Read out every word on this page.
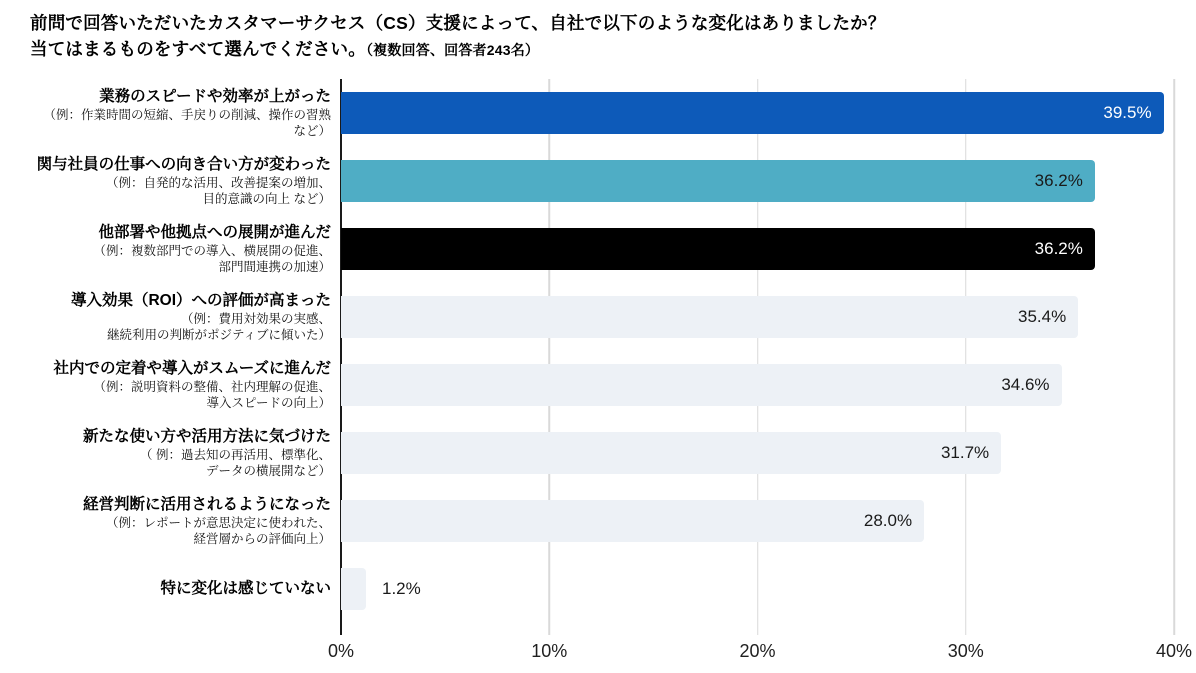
前問で回答いただいたカスタマーサクセス（CS）支援によって、自社で以下のような変化はありましたか？
当てはまるものをすべて選んでください。（複数回答、回答者243名）
業務のスピードや効率が上がった
（例：作業時間の短縮、手戻りの削減、操作の習熟
など）
39.5%
関与社員の仕事への向き合い方が変わった
（例：自発的な活用、改善提案の増加、
目的意識の向上 など）
36.2%
他部署や他拠点への展開が進んだ
（例：複数部門での導入、横展開の促進、
部門間連携の加速）
36.2%
導入効果（ROI）への評価が高まった
（例：費用対効果の実感、
継続利用の判断がポジティブに傾いた）
35.4%
社内での定着や導入がスムーズに進んだ
（例：説明資料の整備、社内理解の促進、
導入スピードの向上）
34.6%
新たな使い方や活用方法に気づけた
（ 例：過去知の再活用、標準化、
データの横展開など）
31.7%
経営判断に活用されるようになった
（例：レポートが意思決定に使われた、
経営層からの評価向上）
28.0%
特に変化は感じていない	1.2%
0%	10%	20%	30%	40%
